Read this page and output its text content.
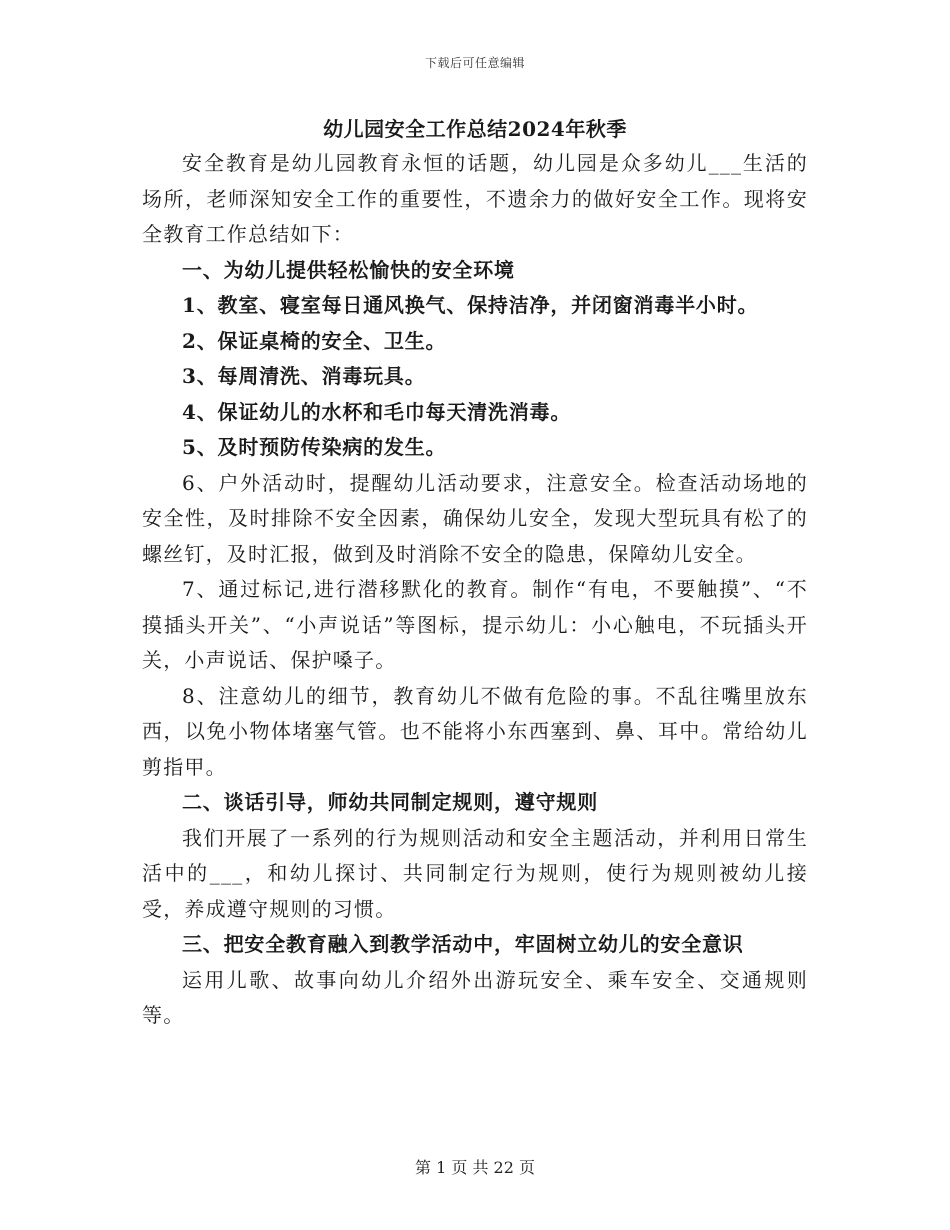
下载后可任意编辑
幼儿园安全工作总结2024年秋季

安全教育是幼儿园教育永恒的话题，幼儿园是众多幼儿___生活的场所，老师深知安全工作的重要性，不遗余力的做好安全工作。现将安全教育工作总结如下：

一、为幼儿提供轻松愉快的安全环境

1、教室、寝室每日通风换气、保持洁净，并闭窗消毒半小时。

2、保证桌椅的安全、卫生。

3、每周清洗、消毒玩具。

4、保证幼儿的水杯和毛巾每天清洗消毒。

5、及时预防传染病的发生。

6、户外活动时，提醒幼儿活动要求，注意安全。检查活动场地的安全性，及时排除不安全因素，确保幼儿安全，发现大型玩具有松了的螺丝钉，及时汇报，做到及时消除不安全的隐患，保障幼儿安全。

7、通过标记,进行潜移默化的教育。制作“有电，不要触摸”、“不摸插头开关”、“小声说话”等图标，提示幼儿：小心触电，不玩插头开关，小声说话、保护嗓子。

8、注意幼儿的细节，教育幼儿不做有危险的事。不乱往嘴里放东西，以免小物体堵塞气管。也不能将小东西塞到、鼻、耳中。常给幼儿剪指甲。

二、谈话引导，师幼共同制定规则，遵守规则

我们开展了一系列的行为规则活动和安全主题活动，并利用日常生活中的___，和幼儿探讨、共同制定行为规则，使行为规则被幼儿接受，养成遵守规则的习惯。

三、把安全教育融入到教学活动中，牢固树立幼儿的安全意识

运用儿歌、故事向幼儿介绍外出游玩安全、乘车安全、交通规则等。

第 1 页 共 22 页
